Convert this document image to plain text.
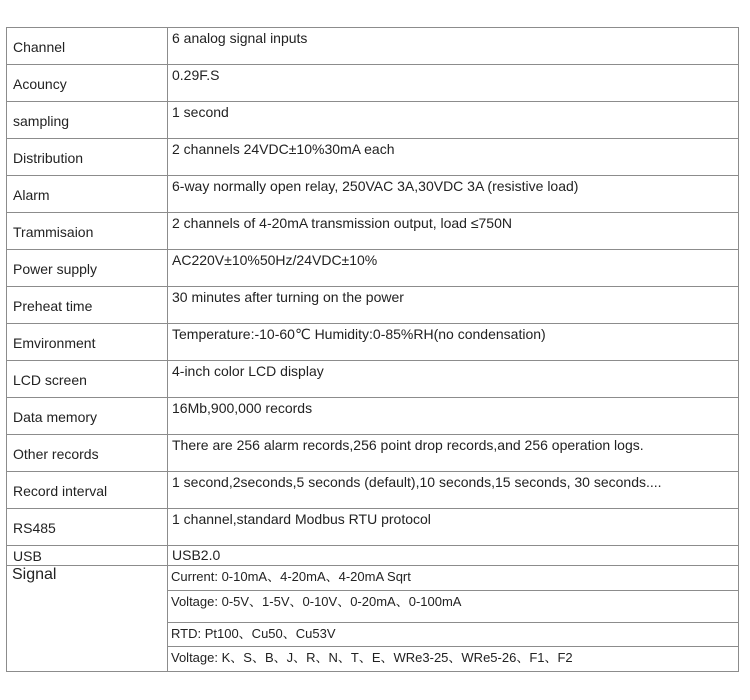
Channel	6 analog signal inputs

Acouncy	0.29F.S

sampling	1 second

Distribution	2 channels 24VDC±10%30mA each

Alarm	6-way normally open relay, 250VAC 3A,30VDC 3A (resistive load)

Trammisaion	2 channels of 4-20mA transmission output, load ≤750N

Power supply	AC220V±10%50Hz/24VDC±10%

Preheat time	30 minutes after turning on the power

Emvironment	Temperature:-10-60℃ Humidity:0-85%RH(no condensation)

LCD screen	4-inch color LCD display

Data memory	16Mb,900,000 records

Other records	There are 256 alarm records,256 point drop records,and 256 operation logs.

Record interval	1 second,2seconds,5 seconds (default),10 seconds,15 seconds, 30 seconds....

RS485	1 channel,standard Modbus RTU protocol

USB	USB2.0

Signal	Current: 0-10mA、4-20mA、4-20mA Sqrt
	Voltage: 0-5V、1-5V、0-10V、0-20mA、0-100mA
	RTD: Pt100、Cu50、Cu53V
	Voltage: K、S、B、J、R、N、T、E、WRe3-25、WRe5-26、F1、F2
